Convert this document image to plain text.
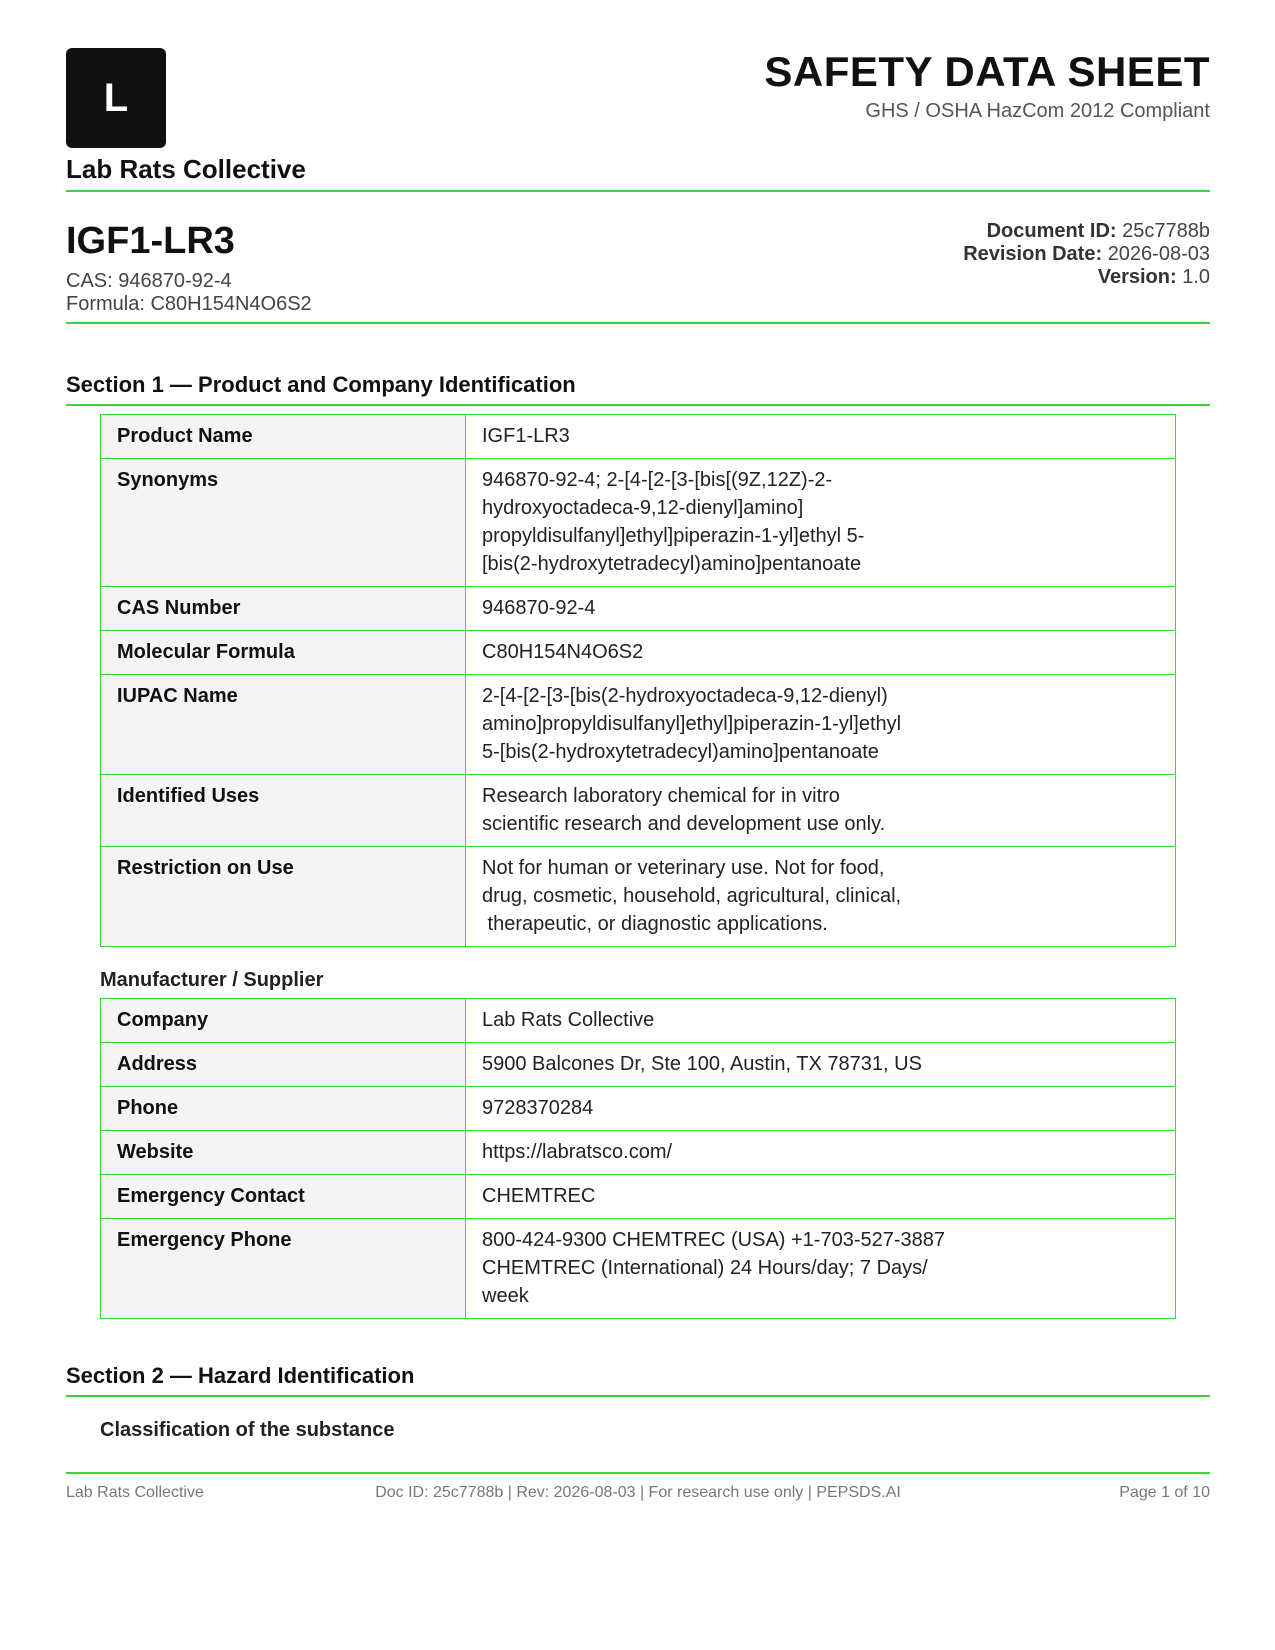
L
Lab Rats Collective
SAFETY DATA SHEET
GHS / OSHA HazCom 2012 Compliant
IGF1-LR3
CAS: 946870-92-4
Formula: C80H154N4O6S2
Document ID: 25c7788b
Revision Date: 2026-08-03
Version: 1.0
Section 1 — Product and Company Identification
Product Name	IGF1-LR3
Synonyms	946870-92-4; 2-[4-[2-[3-[bis[(9Z,12Z)-2-
hydroxyoctadeca-9,12-dienyl]amino]
propyldisulfanyl]ethyl]piperazin-1-yl]ethyl 5-
[bis(2-hydroxytetradecyl)amino]pentanoate
CAS Number	946870-92-4
Molecular Formula	C80H154N4O6S2
IUPAC Name	2-[4-[2-[3-[bis(2-hydroxyoctadeca-9,12-dienyl)
amino]propyldisulfanyl]ethyl]piperazin-1-yl]ethyl
5-[bis(2-hydroxytetradecyl)amino]pentanoate
Identified Uses	Research laboratory chemical for in vitro
scientific research and development use only.
Restriction on Use	Not for human or veterinary use. Not for food,
drug, cosmetic, household, agricultural, clinical,
therapeutic, or diagnostic applications.
Manufacturer / Supplier
Company	Lab Rats Collective
Address	5900 Balcones Dr, Ste 100, Austin, TX 78731, US
Phone	9728370284
Website	https://labratsco.com/
Emergency Contact	CHEMTREC
Emergency Phone	800-424-9300 CHEMTREC (USA) +1-703-527-3887
CHEMTREC (International) 24 Hours/day; 7 Days/
week
Section 2 — Hazard Identification
Classification of the substance
Lab Rats Collective	Doc ID: 25c7788b | Rev: 2026-08-03 | For research use only | PEPSDS.AI	Page 1 of 10
